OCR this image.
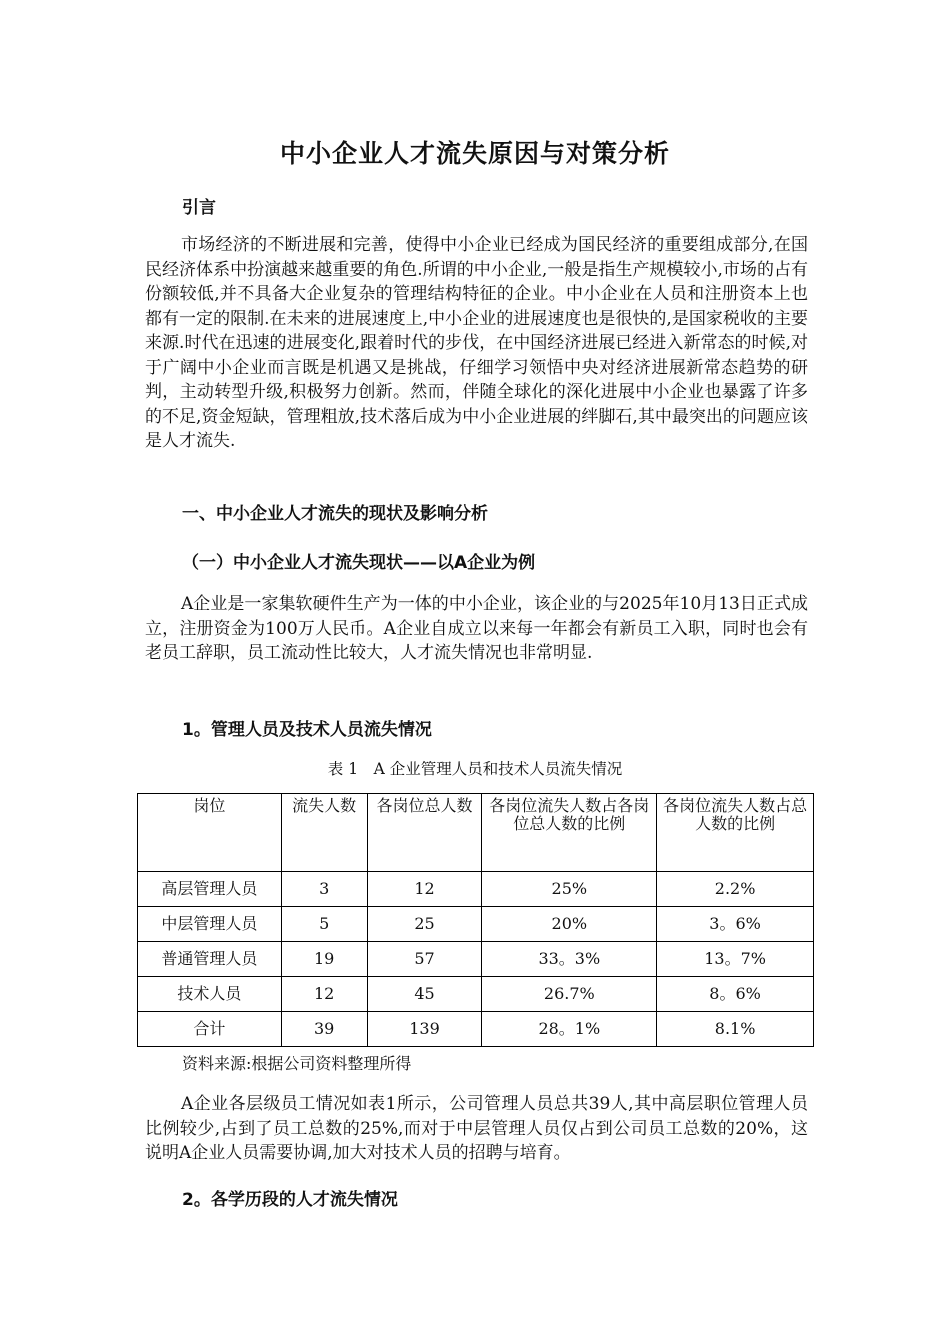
中小企业人才流失原因与对策分析
引言

市场经济的不断进展和完善，使得中小企业已经成为国民经济的重要组成部分,在国民经济体系中扮演越来越重要的角色.所谓的中小企业,一般是指生产规模较小,市场的占有份额较低,并不具备大企业复杂的管理结构特征的企业。中小企业在人员和注册资本上也都有一定的限制.在未来的进展速度上,中小企业的进展速度也是很快的,是国家税收的主要来源.时代在迅速的进展变化,跟着时代的步伐，在中国经济进展已经进入新常态的时候,对于广阔中小企业而言既是机遇又是挑战，仔细学习领悟中央对经济进展新常态趋势的研判，主动转型升级,积极努力创新。然而，伴随全球化的深化进展中小企业也暴露了许多的不足,资金短缺，管理粗放,技术落后成为中小企业进展的绊脚石,其中最突出的问题应该是人才流失.

一、中小企业人才流失的现状及影响分析
（一）中小企业人才流失现状——以A企业为例

A企业是一家集软硬件生产为一体的中小企业，该企业的与2025年10月13日正式成立，注册资金为100万人民币。A企业自成立以来每一年都会有新员工入职，同时也会有老员工辞职，员工流动性比较大，人才流失情况也非常明显.

1。管理人员及技术人员流失情况
表 1　A 企业管理人员和技术人员流失情况
岗位	流失人数	各岗位总人数	各岗位流失人数占各岗位总人数的比例	各岗位流失人数占总人数的比例
高层管理人员	3	12	25%	2.2%
中层管理人员	5	25	20%	3。6%
普通管理人员	19	57	33。3%	13。7%
技术人员	12	45	26.7%	8。6%
合计	39	139	28。1%	8.1%
资料来源:根据公司资料整理所得

A企业各层级员工情况如表1所示，公司管理人员总共39人,其中高层职位管理人员比例较少,占到了员工总数的25%,而对于中层管理人员仅占到公司员工总数的20%，这说明A企业人员需要协调,加大对技术人员的招聘与培育。

2。各学历段的人才流失情况
